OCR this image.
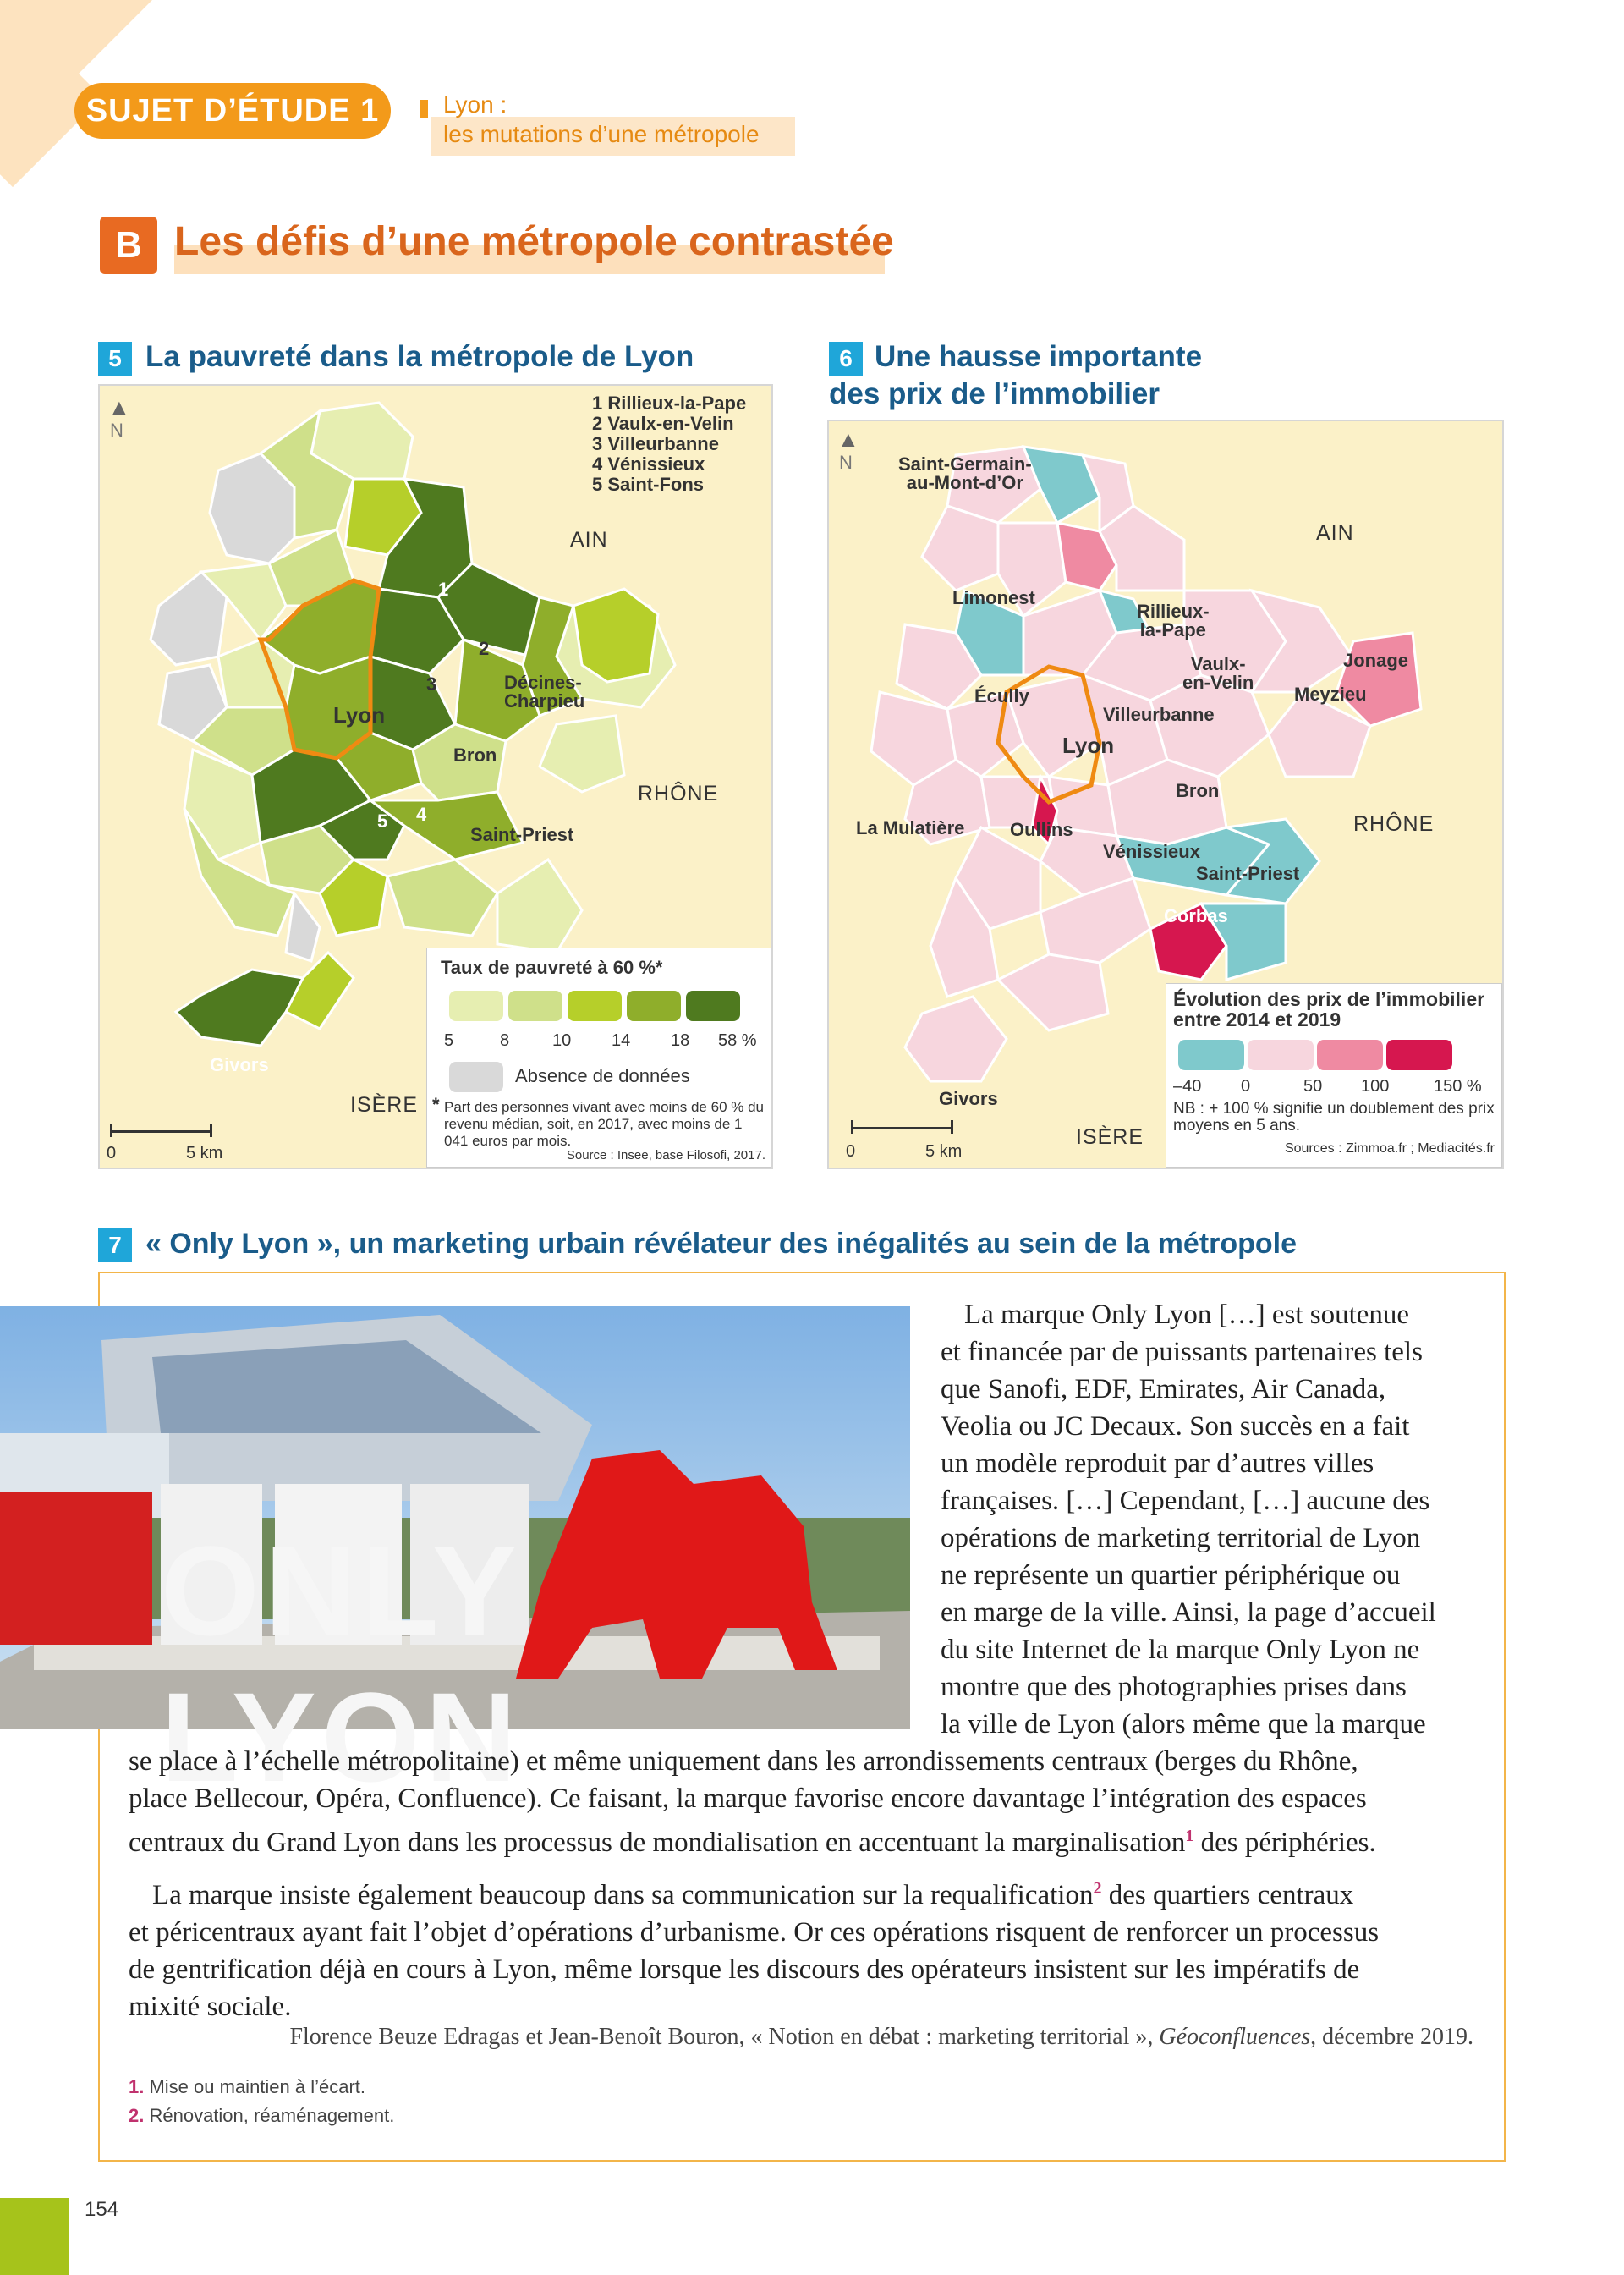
SUJET D’ÉTUDE 1	Lyon :
les mutations d’une métropole
B Les défis d’une métropole contrastée
5 La pauvreté dans la métropole de Lyon
▲
N
1 Rillieux-la-Pape
2 Vaulx-en-Velin
3 Villeurbanne
4 Vénissieux
5 Saint-Fons
AIN
RHÔNE
ISÈRE
Lyon
Bron
Saint-Priest
Décines-
Charpieu
Givors
1
2
3
4
5
Taux de pauvreté à 60 %*
5	8	10 14 18 58 %
Absence de données
* Part des personnes vivant avec moins de 60 % du revenu médian, soit, en 2017, avec moins de 1 041 euros par mois.
Source : Insee, base Filosofi, 2017.
0	5 km
6 Une hausse importante
des prix de l’immobilier
▲
N
AIN
RHÔNE
ISÈRE
Saint-Germain-
au-Mont-d’Or
Limonest
Rillieux-
la-Pape
Vaulx-
en-Velin
Jonage
Meyzieu
Écully
Villeurbanne
Lyon
Bron
La Mulatière Oullins
Vénissieux
Saint-Priest
Corbas
Givors
Évolution des prix de l’immobilier entre 2014 et 2019
–40 0	50 100	150 %
NB : + 100 % signifie un doublement des prix moyens en 5 ans.
Sources : Zimmoa.fr ; Mediacités.fr
0	5 km
7 « Only Lyon », un marketing urbain révélateur des inégalités au sein de la métropole
ONLY LYON
La marque Only Lyon […] est soutenue
et financée par de puissants partenaires tels
que Sanofi, EDF, Emirates, Air Canada,
Veolia ou JC Decaux. Son succès en a fait
un modèle reproduit par d’autres villes
françaises. […] Cependant, […] aucune des
opérations de marketing territorial de Lyon
ne représente un quartier périphérique ou
en marge de la ville. Ainsi, la page d’accueil
du site Internet de la marque Only Lyon ne
montre que des photographies prises dans
la ville de Lyon (alors même que la marque
se place à l’échelle métropolitaine) et même uniquement dans les arrondissements centraux (berges du Rhône,
place Bellecour, Opéra, Confluence). Ce faisant, la marque favorise encore davantage l’intégration des espaces
centraux du Grand Lyon dans les processus de mondialisation en accentuant la marginalisation$^1$ des périphéries.
La marque insiste également beaucoup dans sa communication sur la requalification$^2$ des quartiers centraux
et péricentraux ayant fait l’objet d’opérations d’urbanisme. Or ces opérations risquent de renforcer un processus
de gentrification déjà en cours à Lyon, même lorsque les discours des opérateurs insistent sur les impératifs de
mixité sociale.
Florence Beuze Edragas et Jean-Benoît Bouron, « Notion en débat : marketing territorial », Géoconfluences, décembre 2019.
1. Mise ou maintien à l’écart.
2. Rénovation, réaménagement.
154
